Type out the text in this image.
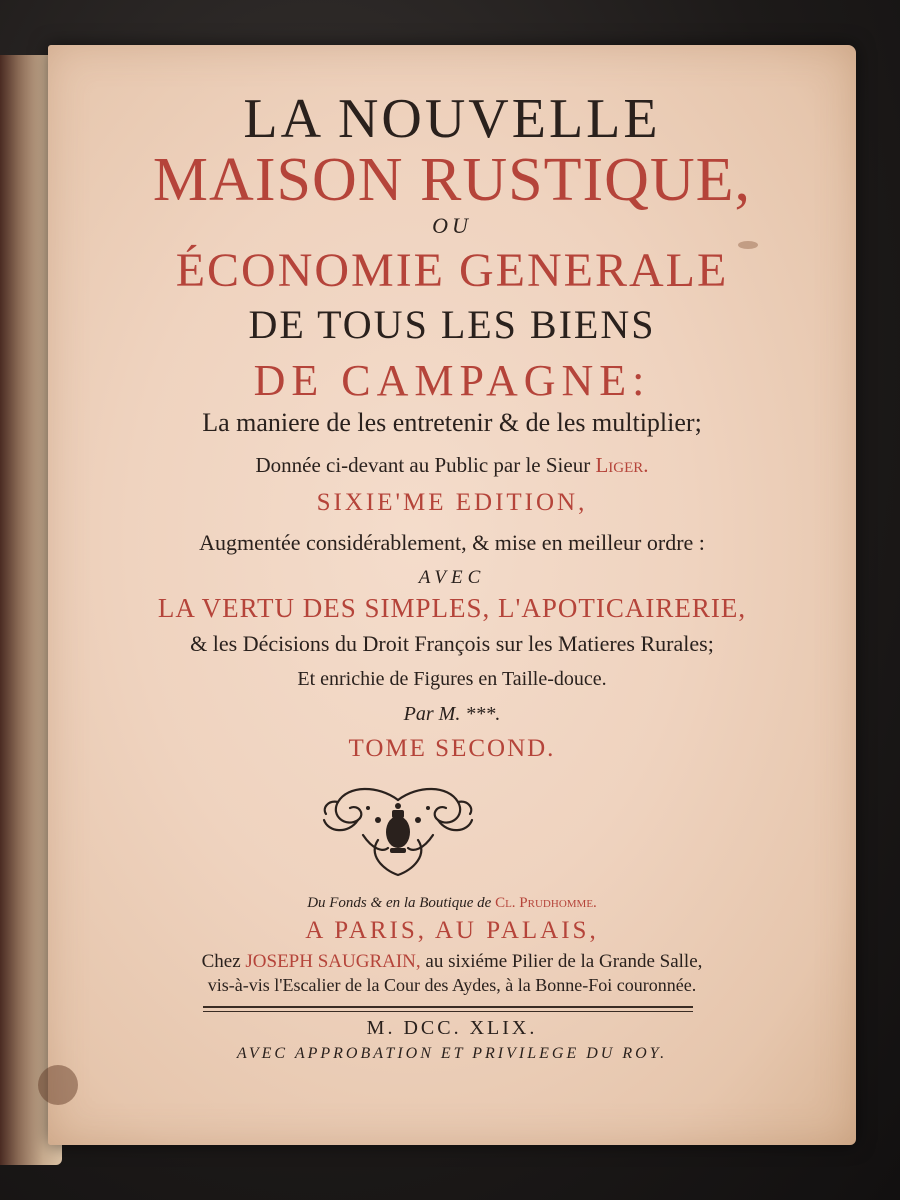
LA NOUVELLE
MAISON RUSTIQUE,
OU
ÉCONOMIE GENERALE
DE TOUS LES BIENS
DE CAMPAGNE:
La maniere de les entretenir & de les multiplier;
Donnée ci-devant au Public par le Sieur Liger.
SIXIE'ME EDITION,
Augmentée considérablement, & mise en meilleur ordre :
AVEC
LA VERTU DES SIMPLES, L'APOTICAIRERIE,
& les Décisions du Droit François sur les Matieres Rurales;
Et enrichie de Figures en Taille-douce.
Par M. ***.
TOME SECOND.
Du Fonds & en la Boutique de Cl. Prudhomme.
A PARIS, AU PALAIS,
Chez JOSEPH SAUGRAIN, au sixiéme Pilier de la Grande Salle,
vis-à-vis l'Escalier de la Cour des Aydes, à la Bonne-Foi couronnée.
M. DCC. XLIX.
AVEC APPROBATION ET PRIVILEGE DU ROY.
